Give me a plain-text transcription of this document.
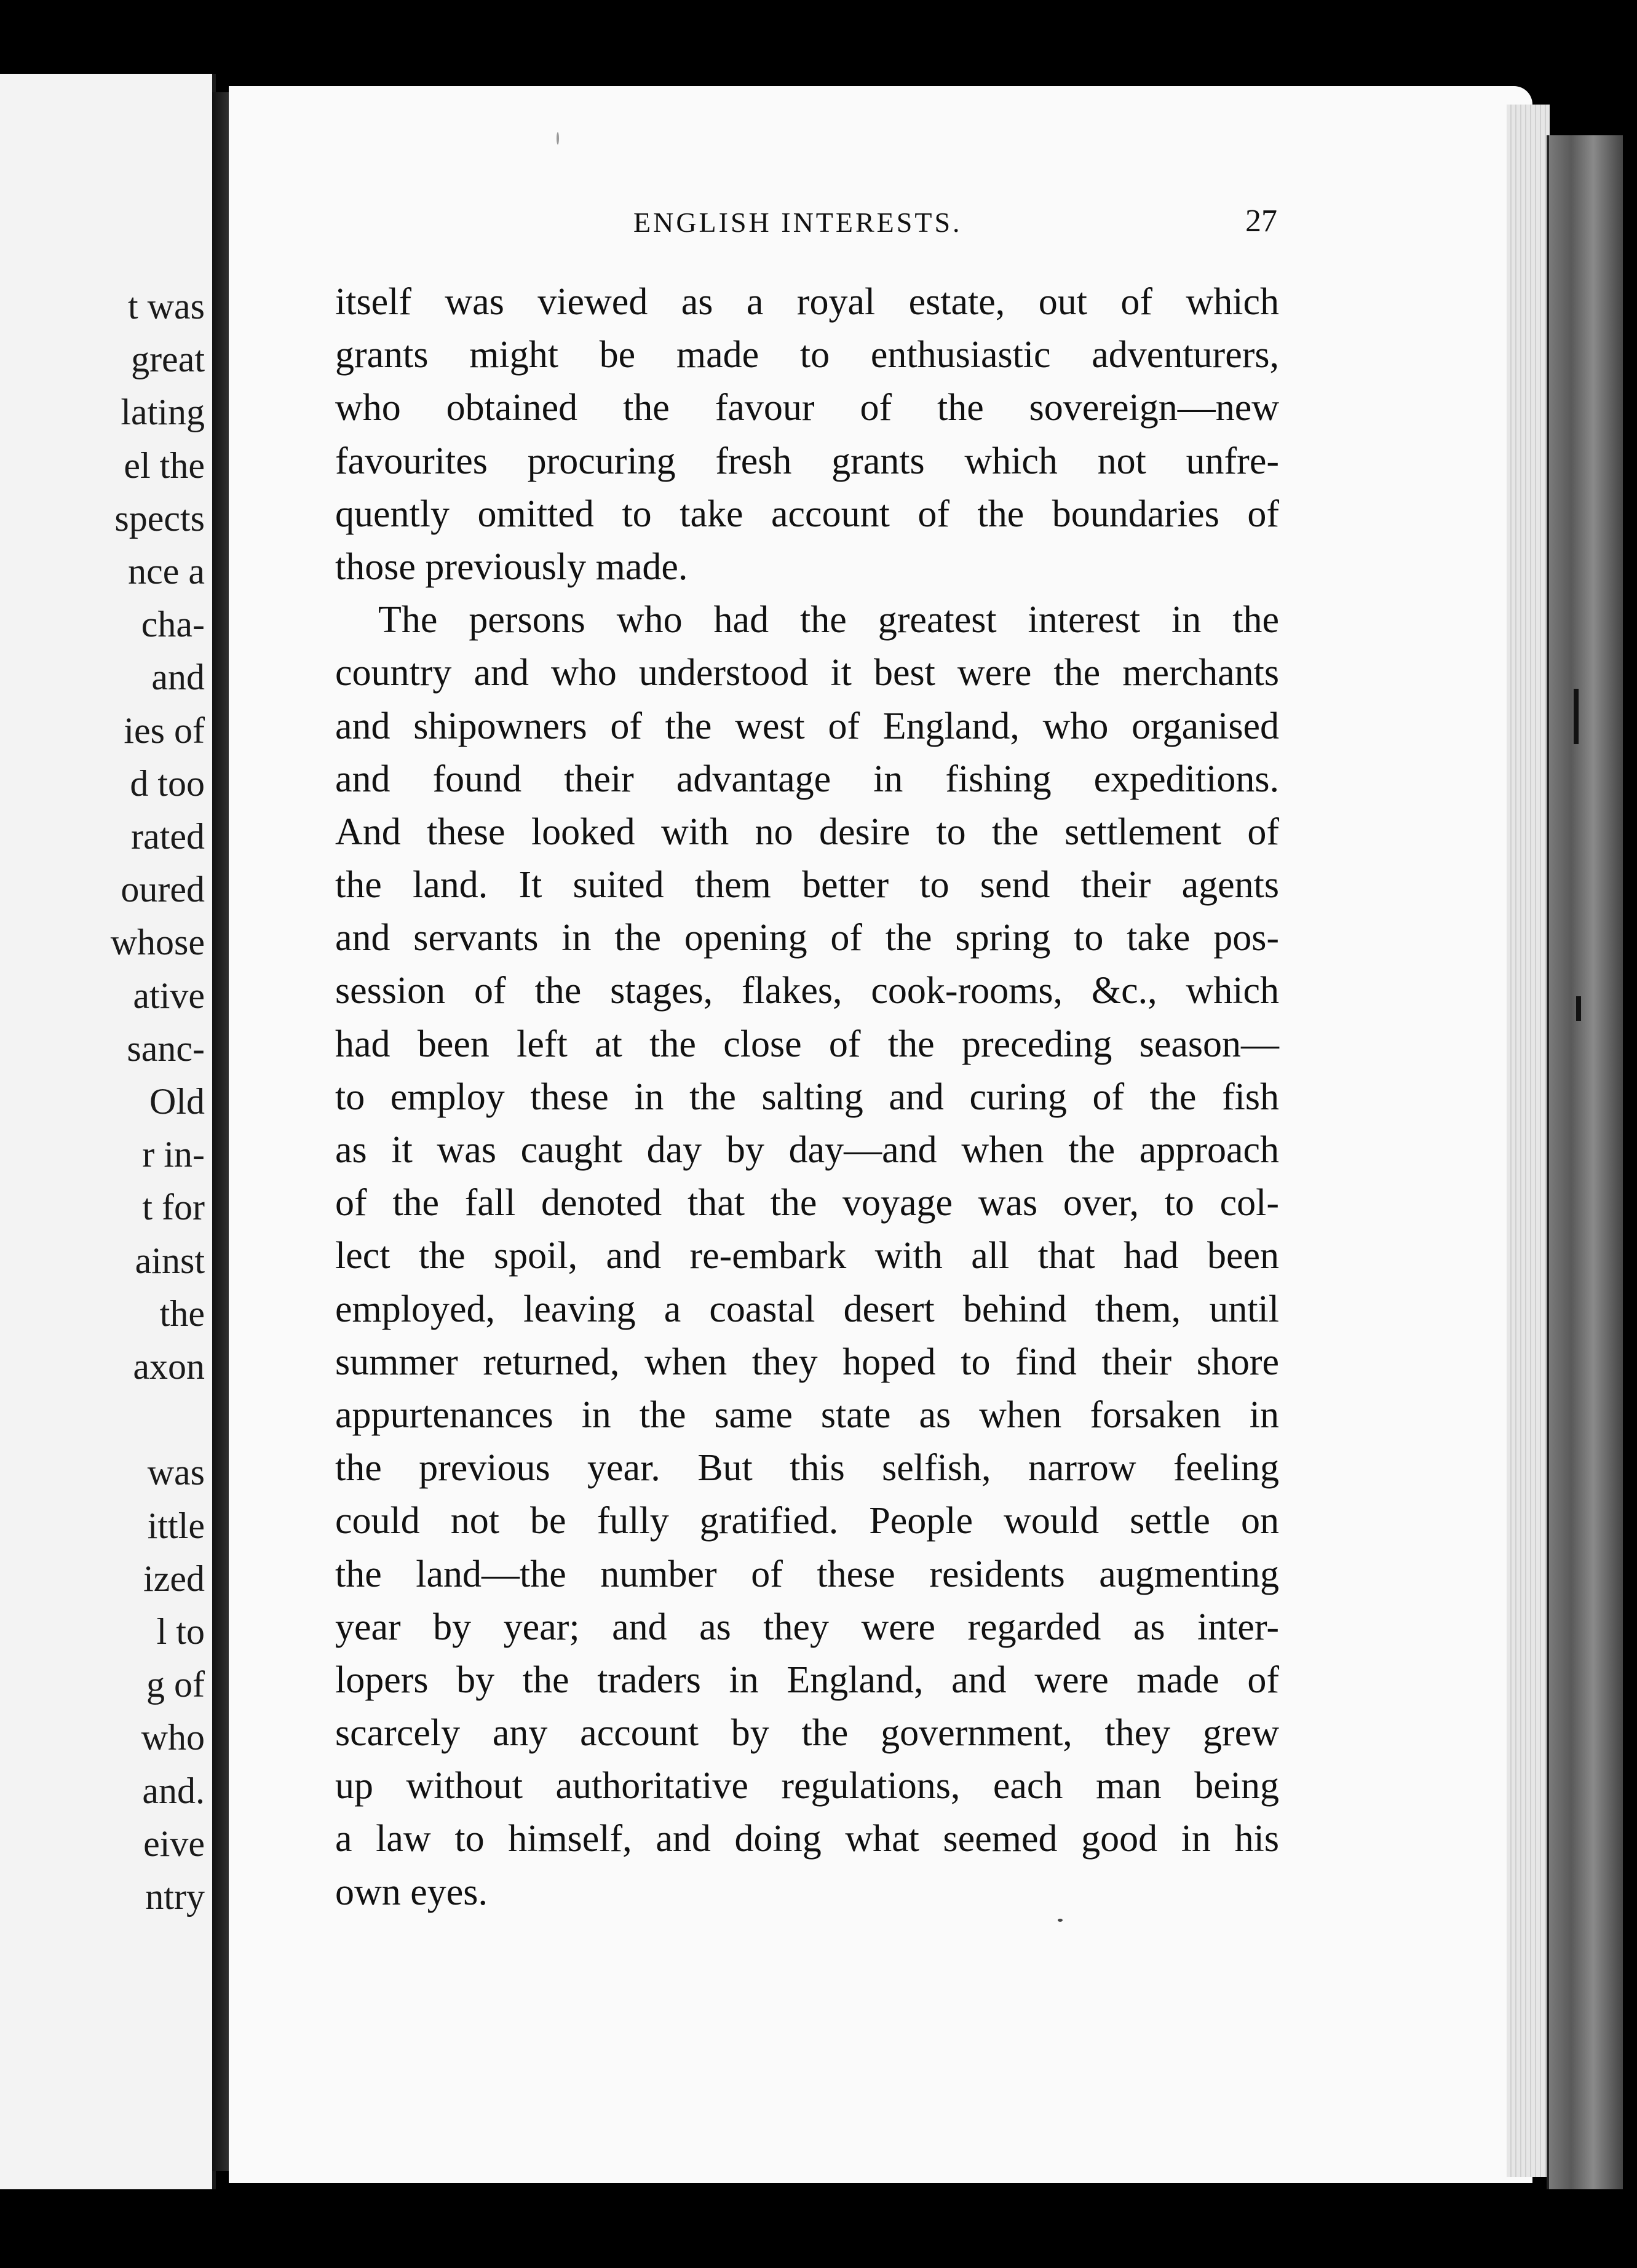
t was
great
lating
el the
spects
nce a
cha-
and
ies of
d too
rated
oured
whose
ative
sanc-
Old
r in-
t for
ainst
the
axon
was
ittle
ized
l to
g of
who
and.
eive
ntry
ENGLISH INTERESTS.	27
itself was viewed as a royal estate, out of which
grants might be made to enthusiastic adventurers,
who obtained the favour of the sovereign—new
favourites procuring fresh grants which not unfre-
quently omitted to take account of the boundaries of
those previously made.
The persons who had the greatest interest in the
country and who understood it best were the merchants
and shipowners of the west of England, who organised
and found their advantage in fishing expeditions.
And these looked with no desire to the settlement of
the land. It suited them better to send their agents
and servants in the opening of the spring to take pos-
session of the stages, flakes, cook-rooms, &c., which
had been left at the close of the preceding season—
to employ these in the salting and curing of the fish
as it was caught day by day—and when the approach
of the fall denoted that the voyage was over, to col-
lect the spoil, and re-embark with all that had been
employed, leaving a coastal desert behind them, until
summer returned, when they hoped to find their shore
appurtenances in the same state as when forsaken in
the previous year. But this selfish, narrow feeling
could not be fully gratified. People would settle on
the land—the number of these residents augmenting
year by year; and as they were regarded as inter-
lopers by the traders in England, and were made of
scarcely any account by the government, they grew
up without authoritative regulations, each man being
a law to himself, and doing what seemed good in his
own eyes.
